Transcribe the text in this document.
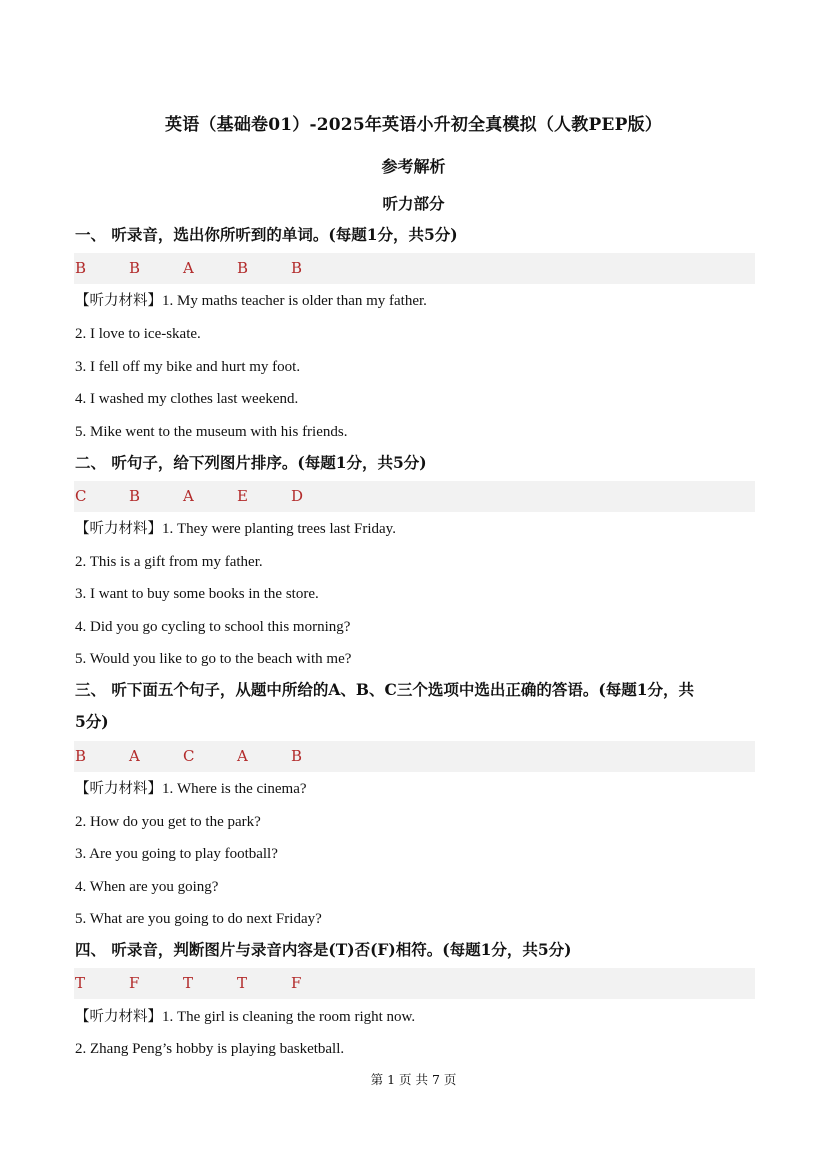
英语（基础卷01）-2025年英语小升初全真模拟（人教PEP版）
参考解析
听力部分
一、 听录音，选出你所听到的单词。(每题1分，共5分)
B	B	A	B	B
【听力材料】1. My maths teacher is older than my father.
2. I love to ice-skate.
3. I fell off my bike and hurt my foot.
4. I washed my clothes last weekend.
5. Mike went to the museum with his friends.
二、 听句子，给下列图片排序。(每题1分，共5分)
C	B	A	E	D
【听力材料】1. They were planting trees last Friday.
2. This is a gift from my father.
3. I want to buy some books in the store.
4. Did you go cycling to school this morning?
5. Would you like to go to the beach with me?
三、 听下面五个句子，从题中所给的A、B、C三个选项中选出正确的答语。(每题1分，共
5分)
B	A	C	A	B
【听力材料】1. Where is the cinema?
2. How do you get to the park?
3. Are you going to play football?
4. When are you going?
5. What are you going to do next Friday?
四、 听录音，判断图片与录音内容是(T)否(F)相符。(每题1分，共5分)
T	F	T	T	F
【听力材料】1. The girl is cleaning the room right now.
2. Zhang Peng’s hobby is playing basketball.
第 1 页 共 7 页
